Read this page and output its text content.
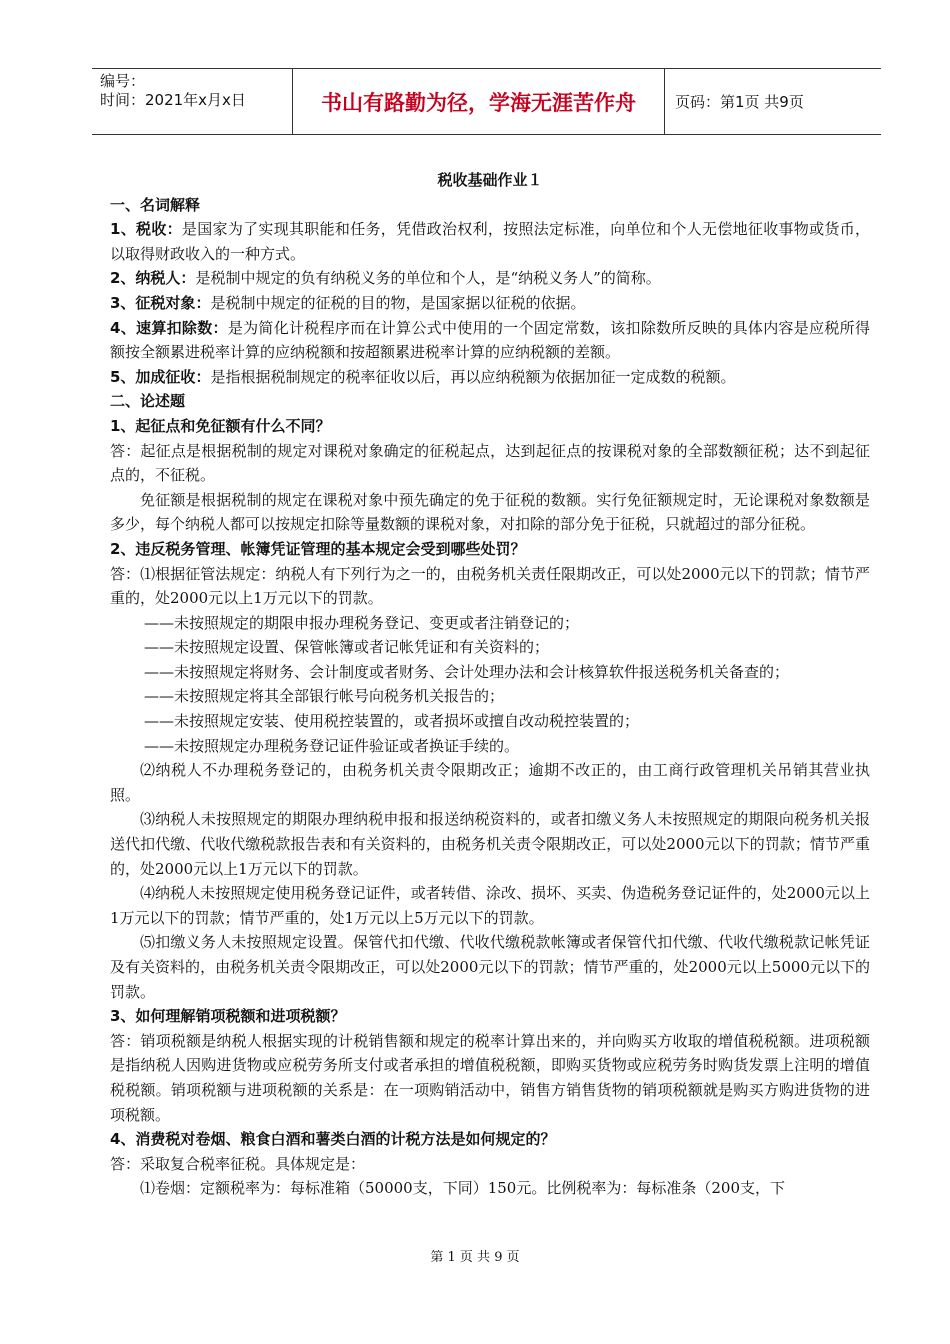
编号：
时间：2021年x月x日	书山有路勤为径，学海无涯苦作舟	页码：第1页 共9页
税收基础作业１

一、名词解释

1、税收：是国家为了实现其职能和任务，凭借政治权利，按照法定标准，向单位和个人无偿地征收事物或货币，以取得财政收入的一种方式。

2、纳税人：是税制中规定的负有纳税义务的单位和个人，是“纳税义务人”的简称。

3、征税对象：是税制中规定的征税的目的物，是国家据以征税的依据。

4、速算扣除数：是为简化计税程序而在计算公式中使用的一个固定常数，该扣除数所反映的具体内容是应税所得额按全额累进税率计算的应纳税额和按超额累进税率计算的应纳税额的差额。

5、加成征收：是指根据税制规定的税率征收以后，再以应纳税额为依据加征一定成数的税额。

二、论述题

1、起征点和免征额有什么不同？

答：起征点是根据税制的规定对课税对象确定的征税起点，达到起征点的按课税对象的全部数额征税；达不到起征点的，不征税。

免征额是根据税制的规定在课税对象中预先确定的免于征税的数额。实行免征额规定时，无论课税对象数额是多少，每个纳税人都可以按规定扣除等量数额的课税对象，对扣除的部分免于征税，只就超过的部分征税。

2、违反税务管理、帐簿凭证管理的基本规定会受到哪些处罚？

答：⑴根据征管法规定：纳税人有下列行为之一的，由税务机关责任限期改正，可以处2000元以下的罚款；情节严重的，处2000元以上1万元以下的罚款。

——未按照规定的期限申报办理税务登记、变更或者注销登记的；

——未按照规定设置、保管帐簿或者记帐凭证和有关资料的；

——未按照规定将财务、会计制度或者财务、会计处理办法和会计核算软件报送税务机关备查的；

——未按照规定将其全部银行帐号向税务机关报告的；

——未按照规定安装、使用税控装置的，或者损坏或擅自改动税控装置的；

——未按照规定办理税务登记证件验证或者换证手续的。

⑵纳税人不办理税务登记的，由税务机关责令限期改正；逾期不改正的，由工商行政管理机关吊销其营业执照。

⑶纳税人未按照规定的期限办理纳税申报和报送纳税资料的，或者扣缴义务人未按照规定的期限向税务机关报送代扣代缴、代收代缴税款报告表和有关资料的，由税务机关责令限期改正，可以处2000元以下的罚款；情节严重的，处2000元以上1万元以下的罚款。

⑷纳税人未按照规定使用税务登记证件，或者转借、涂改、损坏、买卖、伪造税务登记证件的，处2000元以上1万元以下的罚款；情节严重的，处1万元以上5万元以下的罚款。

⑸扣缴义务人未按照规定设置。保管代扣代缴、代收代缴税款帐簿或者保管代扣代缴、代收代缴税款记帐凭证及有关资料的，由税务机关责令限期改正，可以处2000元以下的罚款；情节严重的，处2000元以上5000元以下的罚款。

3、如何理解销项税额和进项税额？

答：销项税额是纳税人根据实现的计税销售额和规定的税率计算出来的，并向购买方收取的增值税税额。进项税额是指纳税人因购进货物或应税劳务所支付或者承担的增值税税额，即购买货物或应税劳务时购货发票上注明的增值税税额。销项税额与进项税额的关系是：在一项购销活动中，销售方销售货物的销项税额就是购买方购进货物的进项税额。

4、消费税对卷烟、粮食白酒和薯类白酒的计税方法是如何规定的？

答：采取复合税率征税。具体规定是：

⑴卷烟：定额税率为：每标准箱（50000支，下同）150元。比例税率为：每标准条（200支，下

第 1 页 共 9 页
